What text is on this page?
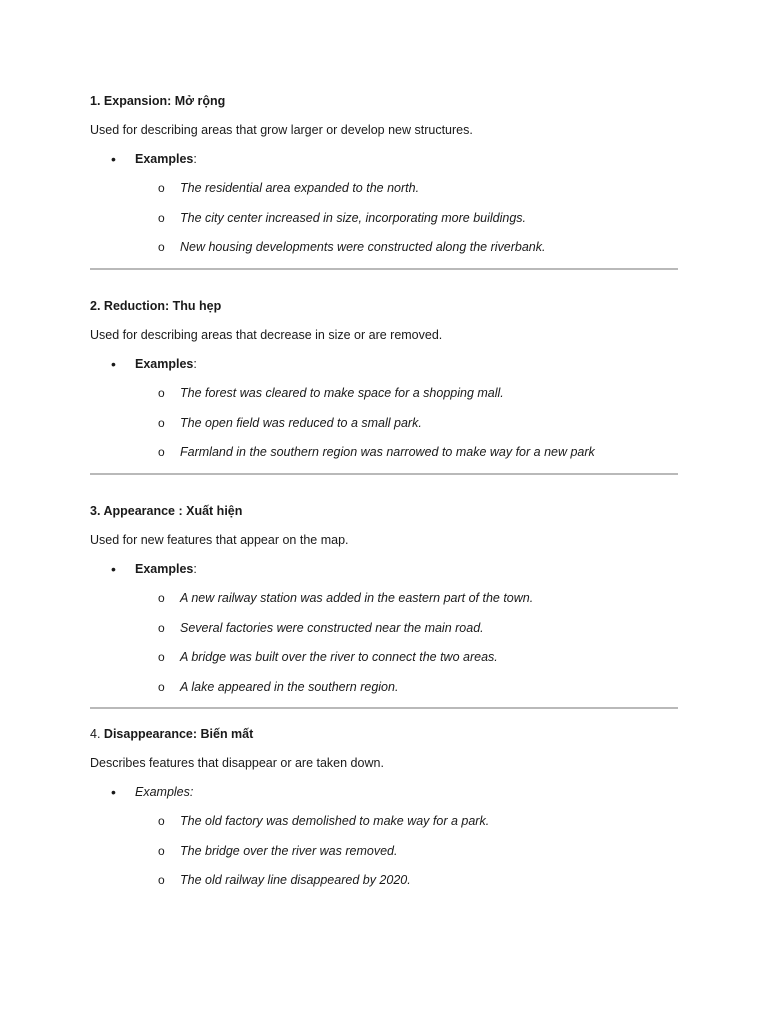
1. Expansion: Mở rộng
Used for describing areas that grow larger or develop new structures.
• Examples:
o The residential area expanded to the north.
o The city center increased in size, incorporating more buildings.
o New housing developments were constructed along the riverbank.
2. Reduction: Thu hẹp
Used for describing areas that decrease in size or are removed.
• Examples:
o The forest was cleared to make space for a shopping mall.
o The open field was reduced to a small park.
o Farmland in the southern region was narrowed to make way for a new park
3. Appearance : Xuất hiện
Used for new features that appear on the map.
• Examples:
o A new railway station was added in the eastern part of the town.
o Several factories were constructed near the main road.
o A bridge was built over the river to connect the two areas.
o A lake appeared in the southern region.
4. Disappearance: Biến mất
Describes features that disappear or are taken down.
• Examples:
o The old factory was demolished to make way for a park.
o The bridge over the river was removed.
o The old railway line disappeared by 2020.
